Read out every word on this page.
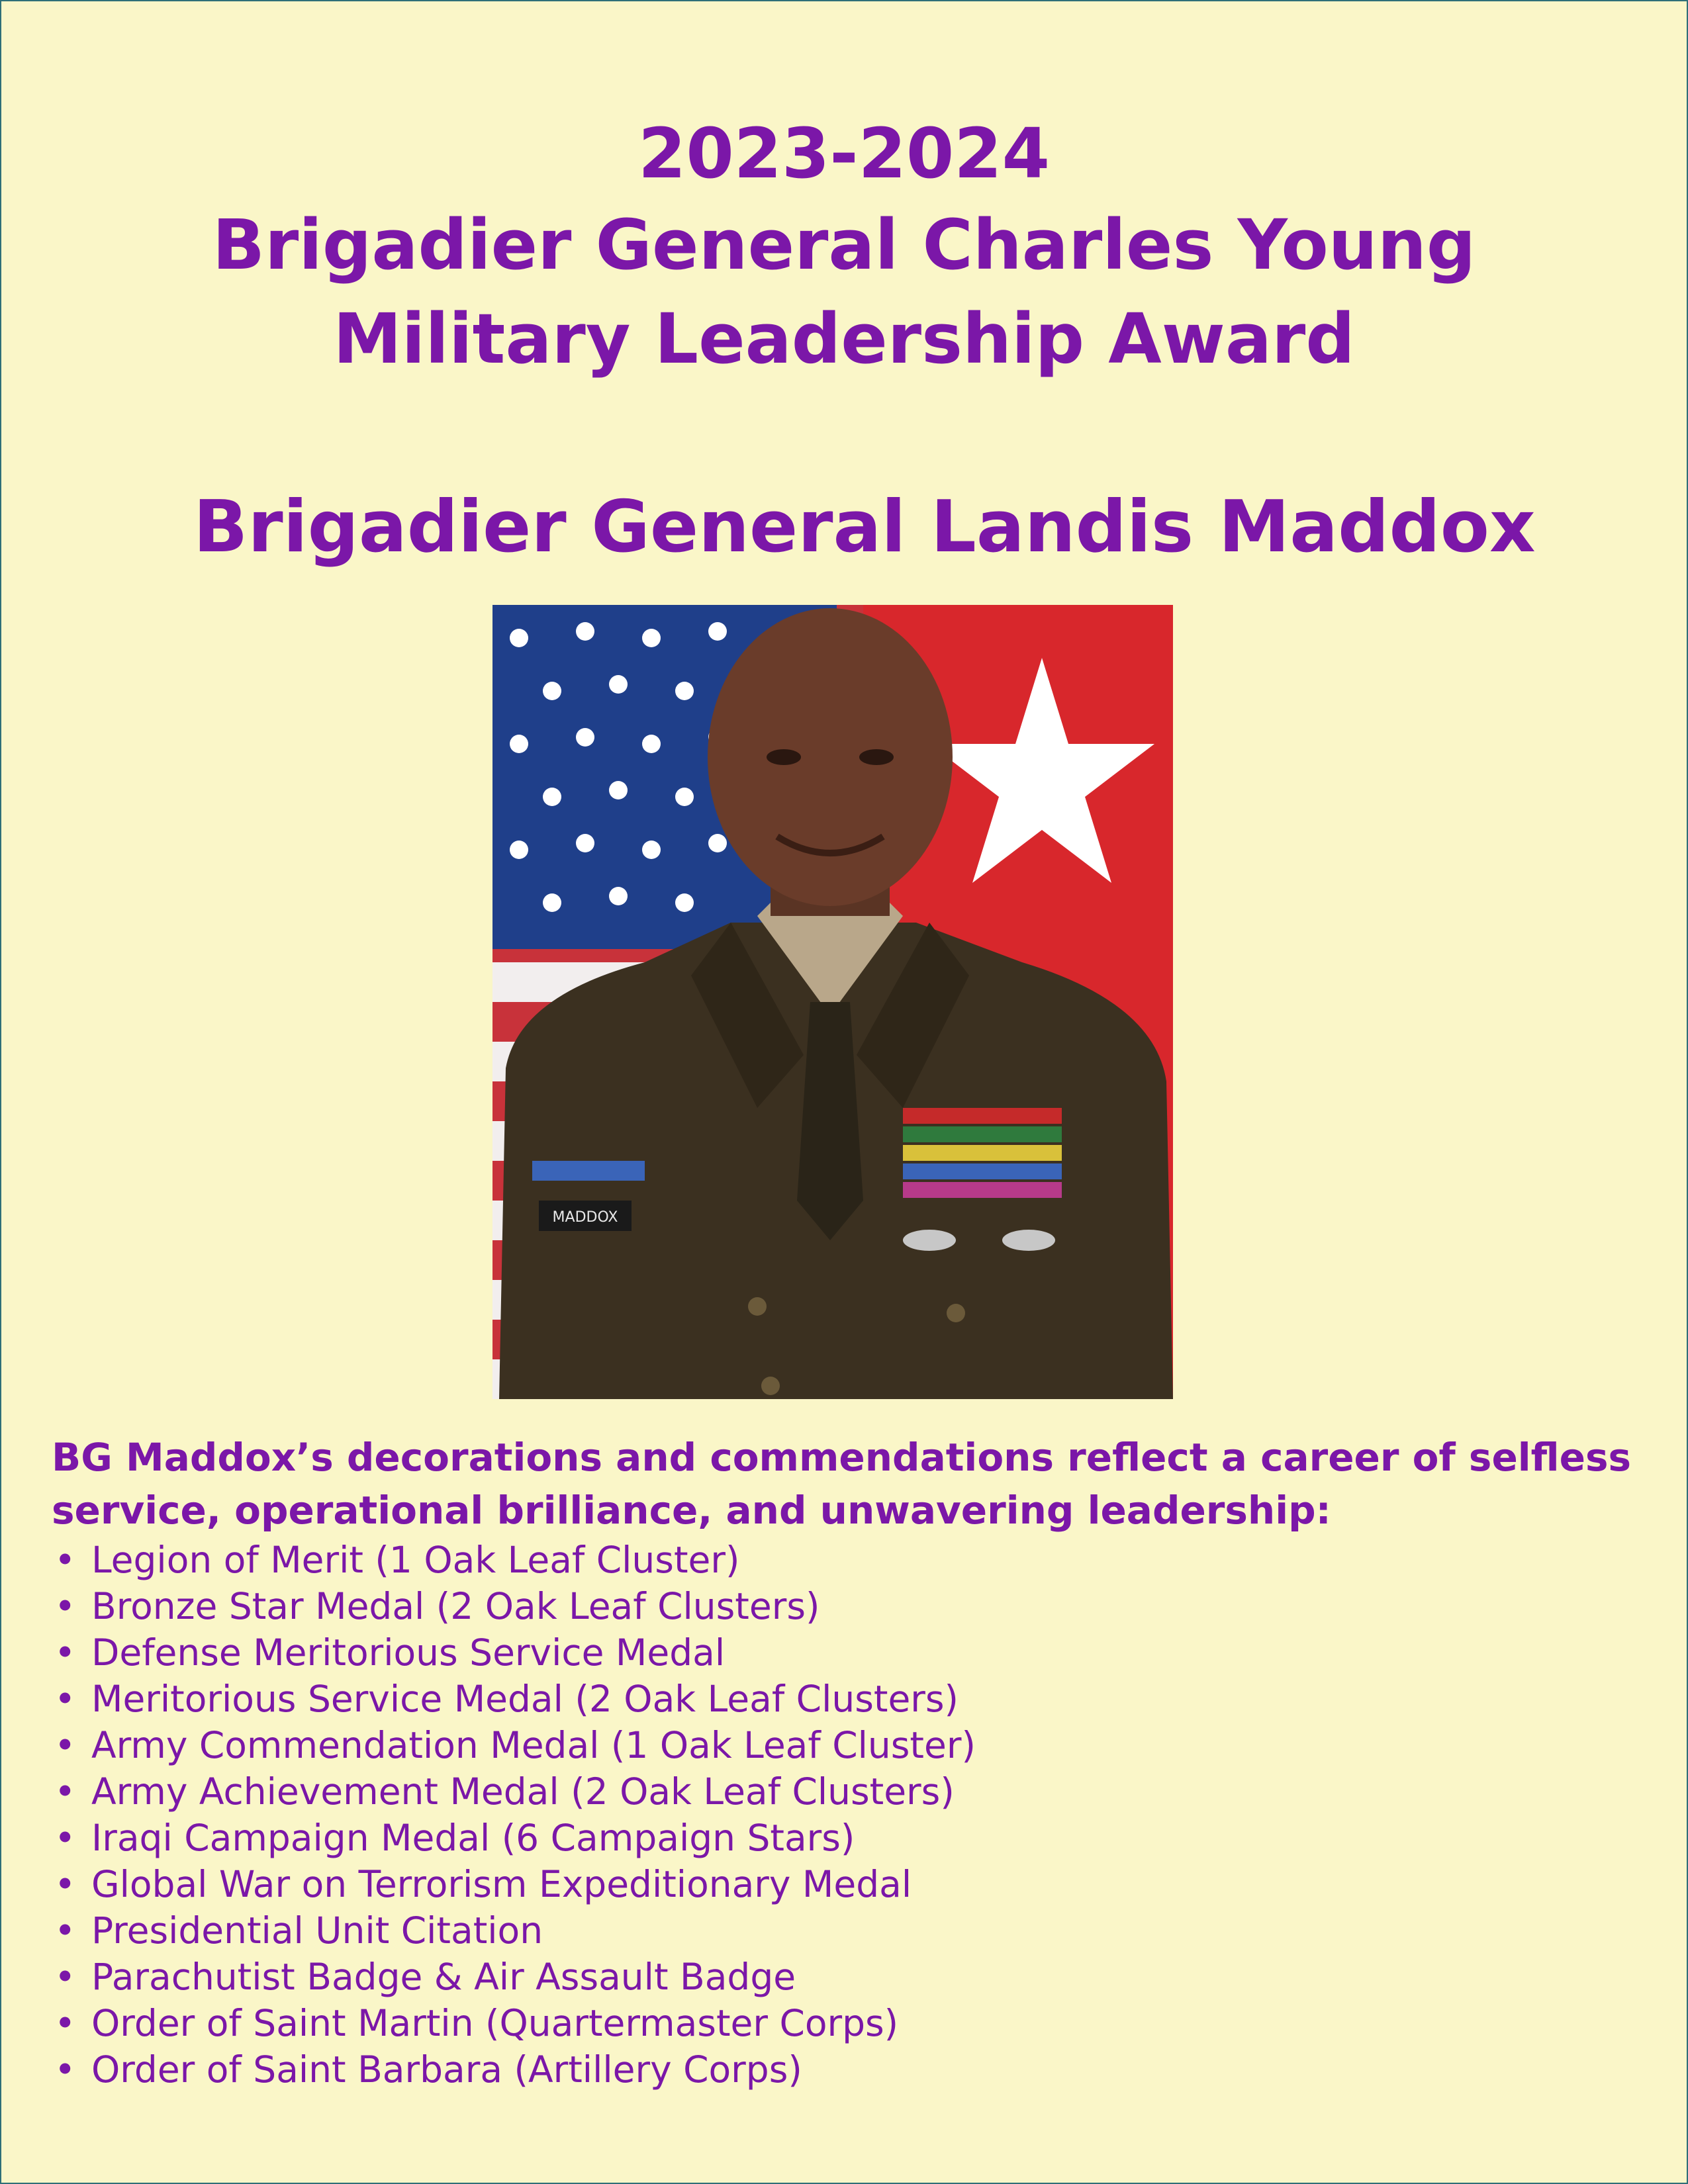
2023-2024
Brigadier General Charles Young
Military Leadership Award
Brigadier General Landis Maddox
MADDOX
BG Maddox’s decorations and commendations reflect a career of selfless service, operational brilliance, and unwavering leadership:
• Legion of Merit (1 Oak Leaf Cluster)
• Bronze Star Medal (2 Oak Leaf Clusters)
• Defense Meritorious Service Medal
• Meritorious Service Medal (2 Oak Leaf Clusters)
• Army Commendation Medal (1 Oak Leaf Cluster)
• Army Achievement Medal (2 Oak Leaf Clusters)
• Iraqi Campaign Medal (6 Campaign Stars)
• Global War on Terrorism Expeditionary Medal
• Presidential Unit Citation
• Parachutist Badge & Air Assault Badge
• Order of Saint Martin (Quartermaster Corps)
• Order of Saint Barbara (Artillery Corps)
